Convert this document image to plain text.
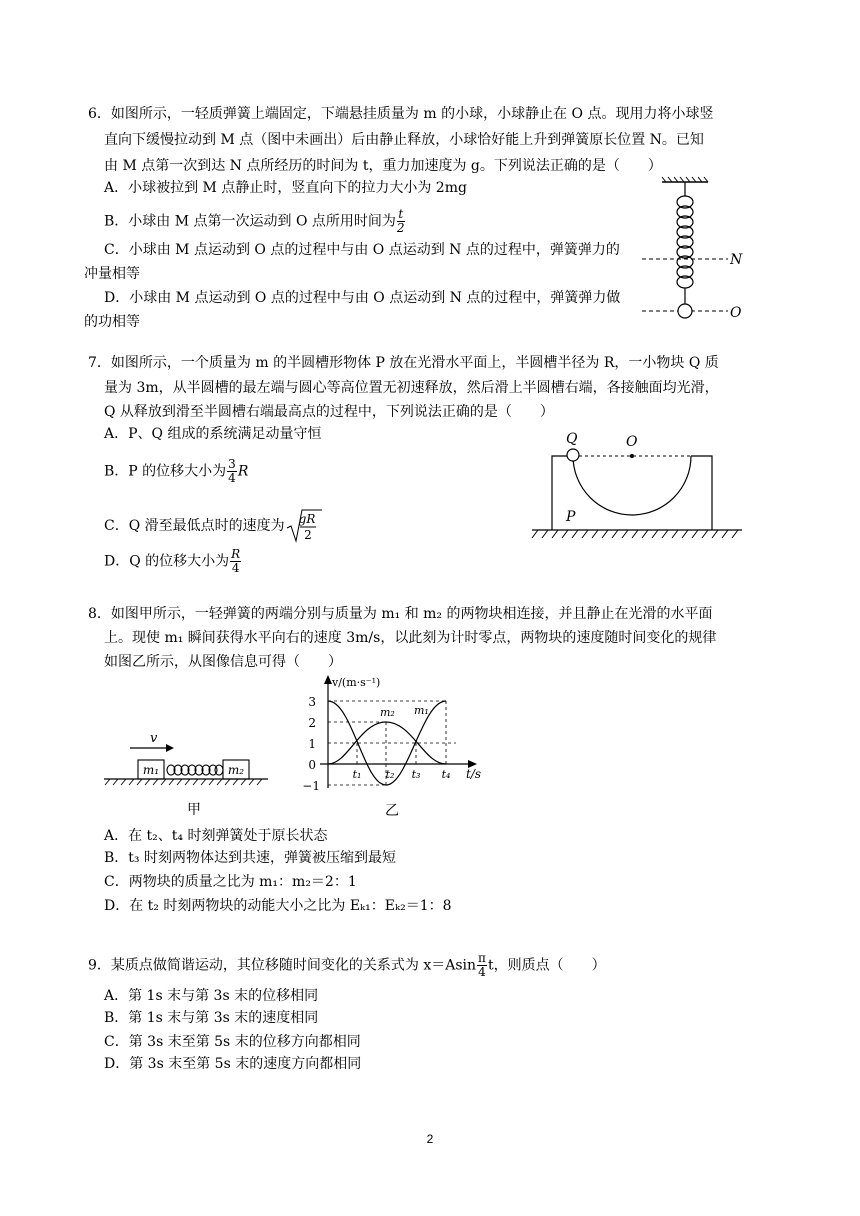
6．如图所示，一轻质弹簧上端固定，下端悬挂质量为 m 的小球，小球静止在 O 点。现用力将小球竖
直向下缓慢拉动到 M 点（图中未画出）后由静止释放，小球恰好能上升到弹簧原长位置 N。已知
由 M 点第一次到达 N 点所经历的时间为 t，重力加速度为 g。下列说法正确的是（　　）
A．小球被拉到 M 点静止时，竖直向下的拉力大小为 2mg
B．小球由 M 点第一次运动到 O 点所用时间为 $\frac{t}{2}$
C．小球由 M 点运动到 O 点的过程中与由 O 点运动到 N 点的过程中，弹簧弹力的
冲量相等
D．小球由 M 点运动到 O 点的过程中与由 O 点运动到 N 点的过程中，弹簧弹力做
的功相等
N
O
7．如图所示，一个质量为 m 的半圆槽形物体 P 放在光滑水平面上，半圆槽半径为 R，一小物块 Q 质
量为 3m，从半圆槽的最左端与圆心等高位置无初速释放，然后滑上半圆槽右端，各接触面均光滑，
Q 从释放到滑至半圆槽右端最高点的过程中，下列说法正确的是（　　）
A．P、Q 组成的系统满足动量守恒
B．P 的位移大小为 $\frac{3}{4}$ R
C．Q 滑至最低点时的速度为 gR
2
D．Q 的位移大小为 $\frac{R}{4}$
Q	O
P
8．如图甲所示，一轻弹簧的两端分别与质量为 m₁ 和 m₂ 的两物块相连接，并且静止在光滑的水平面
上。现使 m₁ 瞬间获得水平向右的速度 3m/s，以此刻为计时零点，两物块的速度随时间变化的规律
如图乙所示，从图像信息可得（　　）
v
m₁	m₂
甲
v/(m·s⁻¹)
t/s
3
2
1
0
−1
m₂ m₁
t₁ t₂ t₃ t₄
乙
A．在 t₂、t₄ 时刻弹簧处于原长状态
B．t₃ 时刻两物体达到共速，弹簧被压缩到最短
C．两物块的质量之比为 m₁：m₂＝2：1
D．在 t₂ 时刻两物块的动能大小之比为 Eₖ₁：Eₖ₂＝1：8
9．某质点做简谐运动，其位移随时间变化的关系式为 $x=Asin \frac{\pi}{4}$ t，则质点（　　）
A．第 1s 末与第 3s 末的位移相同
B．第 1s 末与第 3s 末的速度相同
C．第 3s 末至第 5s 末的位移方向都相同
D．第 3s 末至第 5s 末的速度方向都相同
2
